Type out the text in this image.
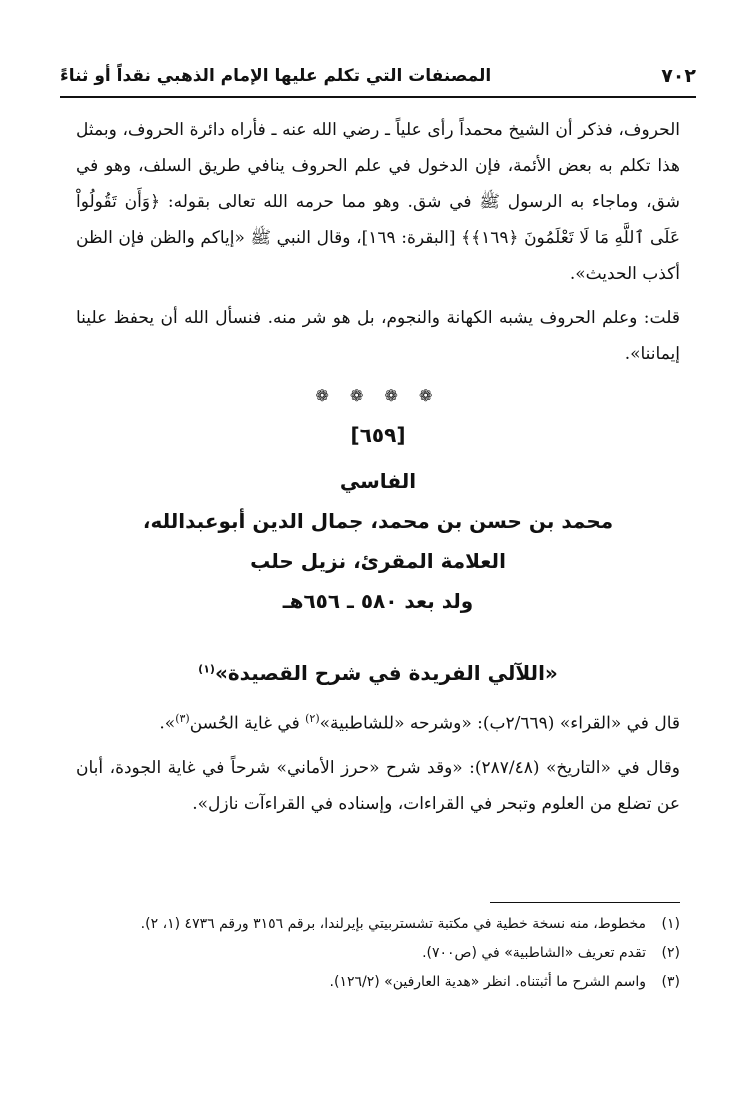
٧٠٢
المصنفات التي تكلم عليها الإمام الذهبي نقداً أو ثناءً

الحروف، فذكر أن الشيخ محمداً رأى علياً ـ رضي الله عنه ـ فأراه دائرة الحروف، وبمثل هذا تكلم به بعض الأئمة، فإن الدخول في علم الحروف ينافي طريق السلف، وهو في شق، وماجاء به الرسول ﷺ في شق. وهو مما حرمه الله تعالى بقوله: ﴿وَأَن تَقُولُواْ عَلَى ٱللَّهِ مَا لَا تَعْلَمُونَ ﴿١٦٩﴾﴾ [البقرة: ١٦٩]، وقال النبي ﷺ «إياكم والظن فإن الظن أكذب الحديث».

قلت: وعلم الحروف يشبه الكهانة والنجوم، بل هو شر منه. فنسأل الله أن يحفظ علينا إيماننا».

❁ ❁ ❁ ❁
[٦٥٩]
الفاسي
محمد بن حسن بن محمد، جمال الدين أبوعبدالله،
العلامة المقرئ، نزيل حلب
ولد بعد ٥٨٠ ـ ٦٥٦هـ
«اللآلي الفريدة في شرح القصيدة»$^{(١)}$

قال في «القراء» (٢/٦٦٩ب): «وشرحه «للشاطبية»$^{(٢)}$ في غاية الحُسن$^{(٣)}$».

وقال في «التاريخ» (٢٨٧/٤٨): «وقد شرح «حرز الأماني» شرحاً في غاية الجودة، أبان عن تضلع من العلوم وتبحر في القراءات، وإسناده في القراءآت نازل».

(١)
مخطوط، منه نسخة خطية في مكتبة تشستربيتي بإيرلندا، برقم ٣١٥٦ ورقم ٤٧٣٦ (١، ٢).
(٢)
تقدم تعريف «الشاطبية» في (ص٧٠٠).
(٣)
واسم الشرح ما أثبتناه. انظر «هدية العارفين» (١٢٦/٢).
